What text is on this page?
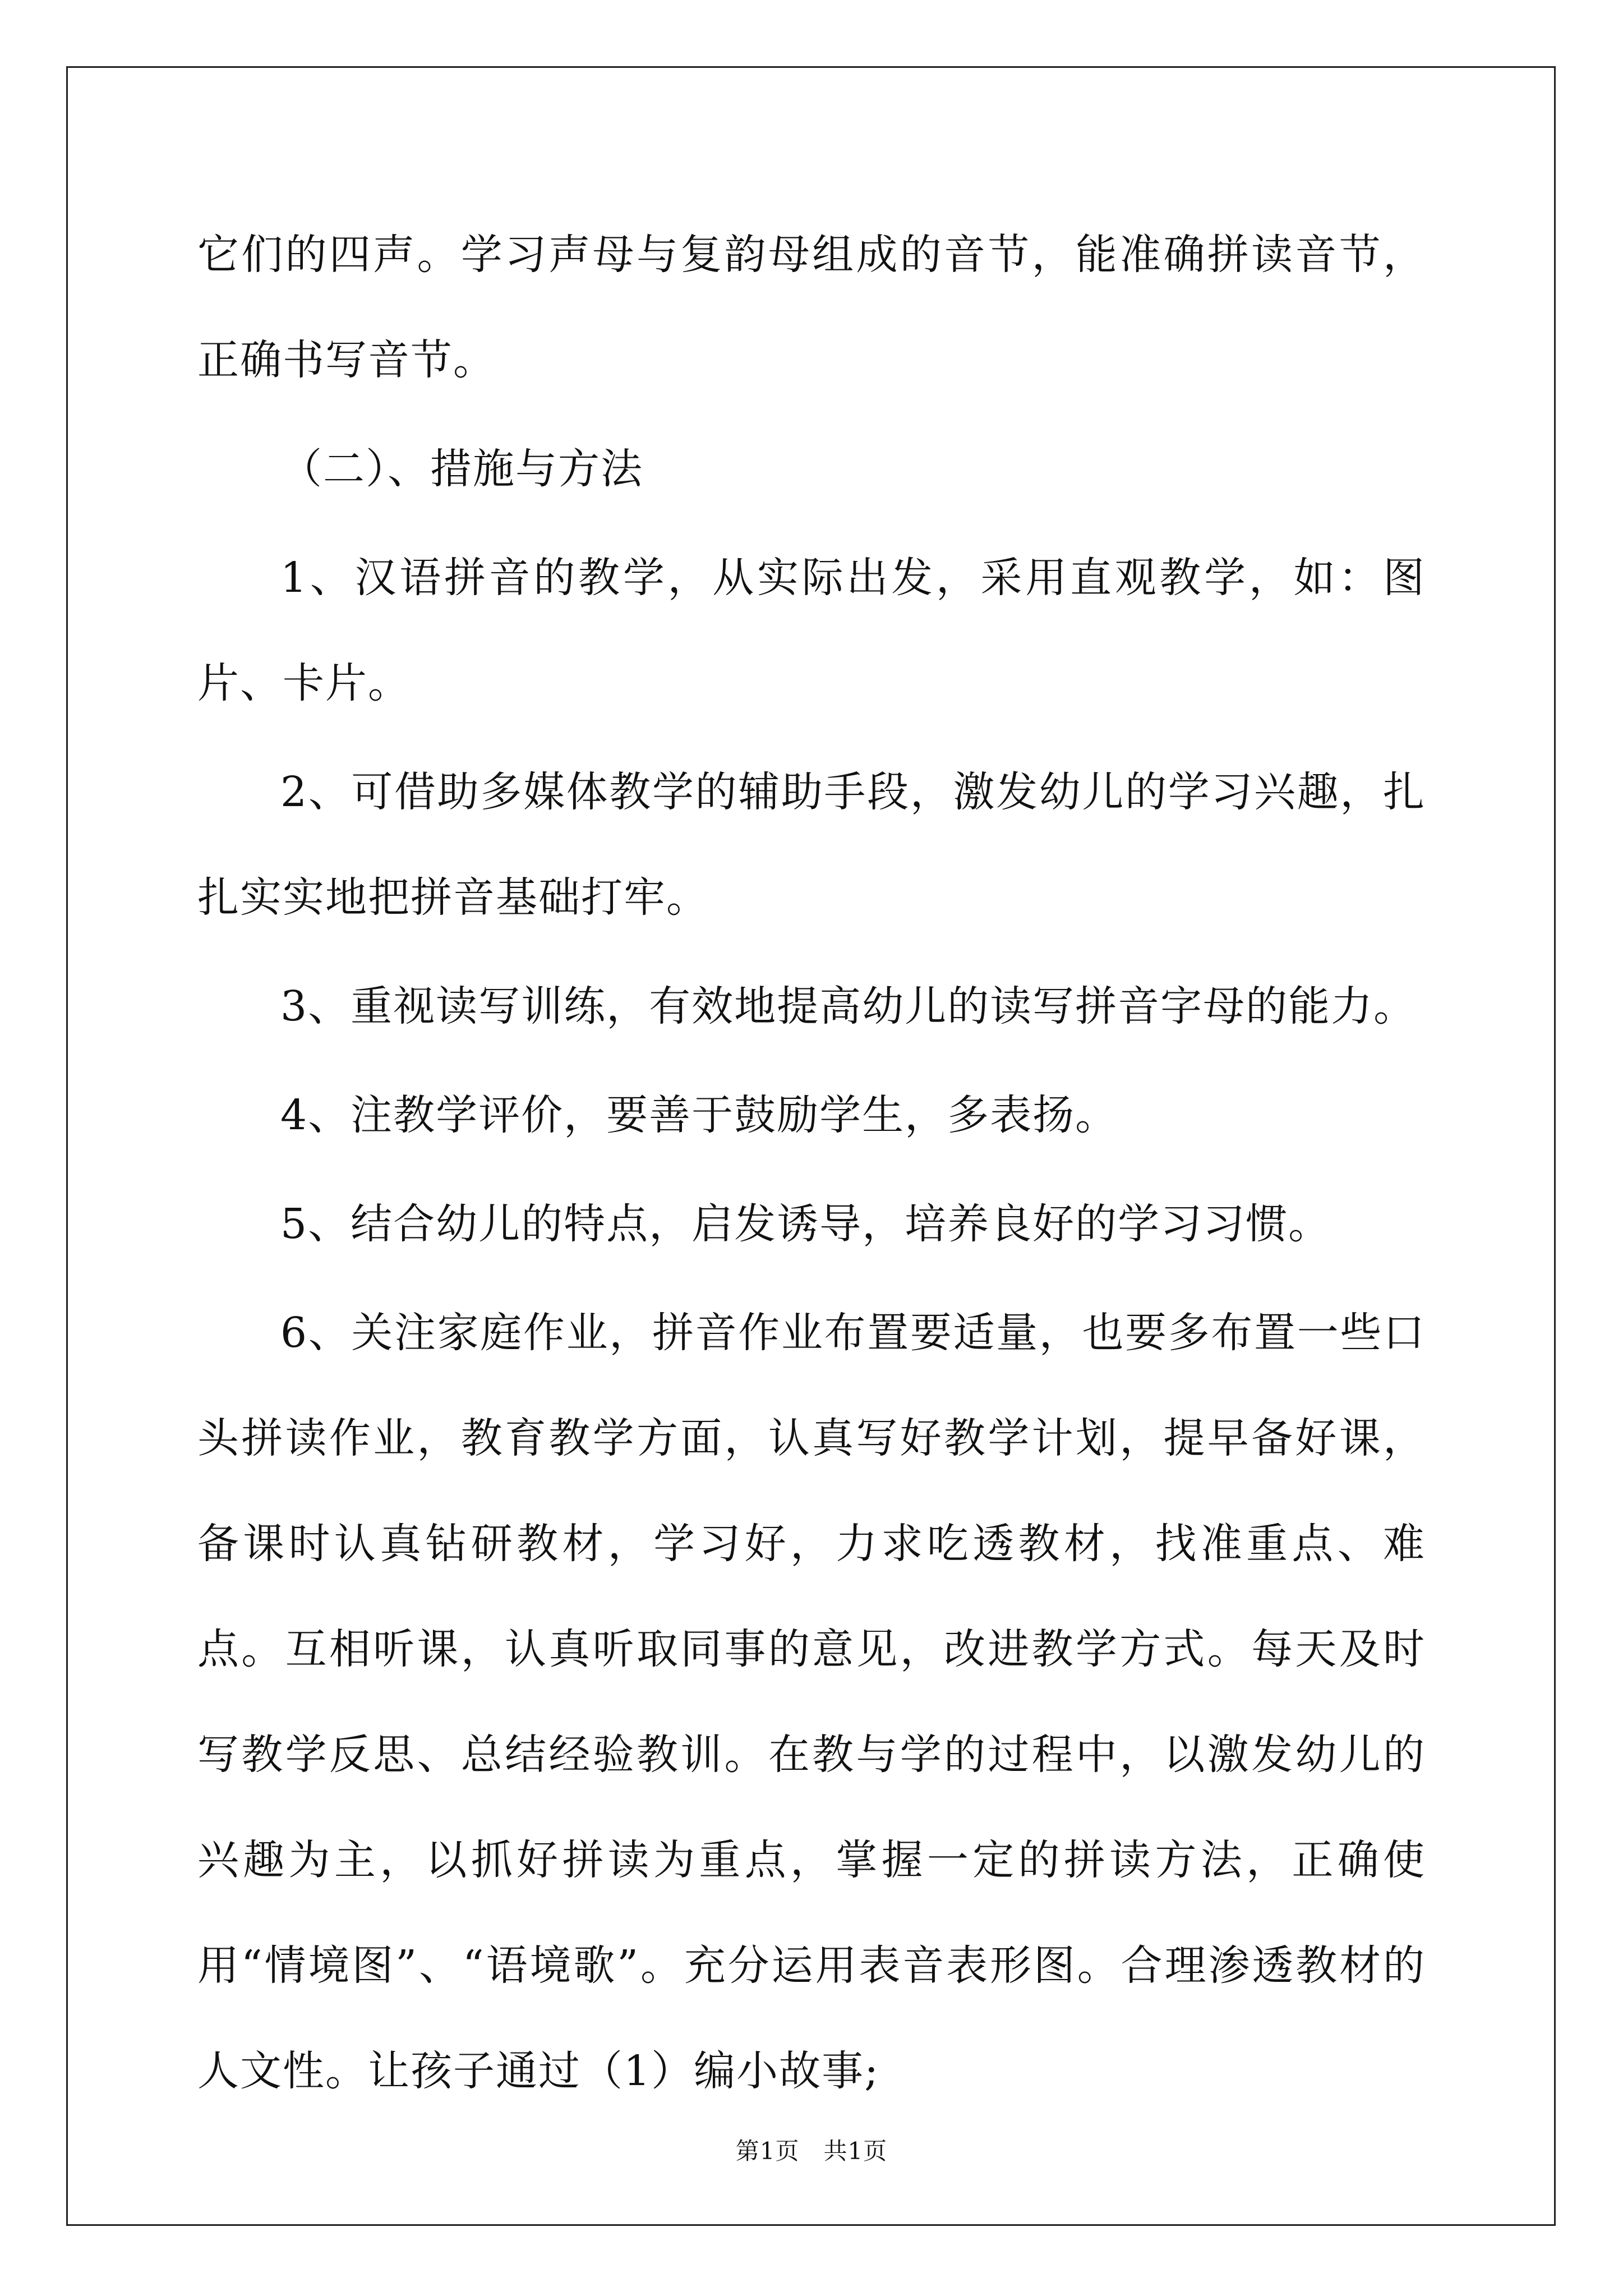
它们的四声。学习声母与复韵母组成的音节，能准确拼读音节，正确书写音节。

（二）、措施与方法

1、汉语拼音的教学，从实际出发，采用直观教学，如：图片、卡片。

2、可借助多媒体教学的辅助手段，激发幼儿的学习兴趣，扎扎实实地把拼音基础打牢。

3、重视读写训练，有效地提高幼儿的读写拼音字母的能力。

4、注教学评价，要善于鼓励学生，多表扬。

5、结合幼儿的特点，启发诱导，培养良好的学习习惯。

6、关注家庭作业，拼音作业布置要适量，也要多布置一些口头拼读作业，教育教学方面，认真写好教学计划，提早备好课，备课时认真钻研教材，学习好，力求吃透教材，找准重点、难点。互相听课，认真听取同事的意见，改进教学方式。每天及时写教学反思、总结经验教训。在教与学的过程中，以激发幼儿的兴趣为主，以抓好拼读为重点，掌握一定的拼读方法，正确使用“情境图”、“语境歌”。充分运用表音表形图。合理渗透教材的人文性。让孩子通过（1）编小故事;

第1页　共1页
